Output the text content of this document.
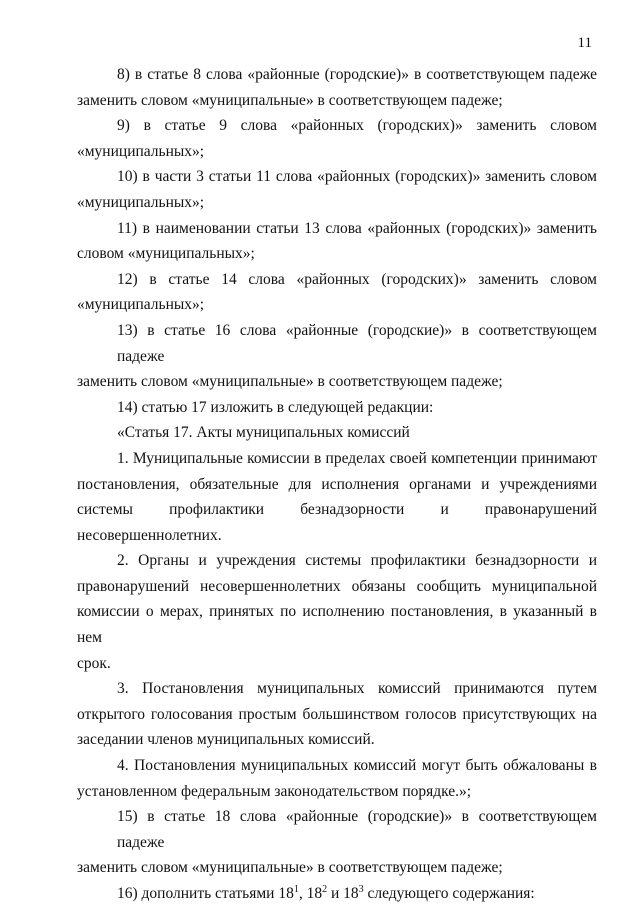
11
8) в статье 8 слова «районные (городские)» в соответствующем падеже
заменить словом «муниципальные» в соответствующем падеже;
9) в статье 9 слова «районных (городских)» заменить словом
«муниципальных»;
10) в части 3 статьи 11 слова «районных (городских)» заменить словом
«муниципальных»;
11) в наименовании статьи 13 слова «районных (городских)» заменить
словом «муниципальных»;
12) в статье 14 слова «районных (городских)» заменить словом
«муниципальных»;
13) в статье 16 слова «районные (городские)» в соответствующем падеже
заменить словом «муниципальные» в соответствующем падеже;
14) статью 17 изложить в следующей редакции:
«Статья 17. Акты муниципальных комиссий
1. Муниципальные комиссии в пределах своей компетенции принимают
постановления, обязательные для исполнения органами и учреждениями
системы профилактики безнадзорности и правонарушений
несовершеннолетних.
2. Органы и учреждения системы профилактики безнадзорности и
правонарушений несовершеннолетних обязаны сообщить муниципальной
комиссии о мерах, принятых по исполнению постановления, в указанный в нем
срок.
3. Постановления муниципальных комиссий принимаются путем
открытого голосования простым большинством голосов присутствующих на
заседании членов муниципальных комиссий.
4. Постановления муниципальных комиссий могут быть обжалованы в
установленном федеральным законодательством порядке.»;
15) в статье 18 слова «районные (городские)» в соответствующем падеже
заменить словом «муниципальные» в соответствующем падеже;
16) дополнить статьями $18^1$, $18^2$ и $18^3$ следующего содержания:
